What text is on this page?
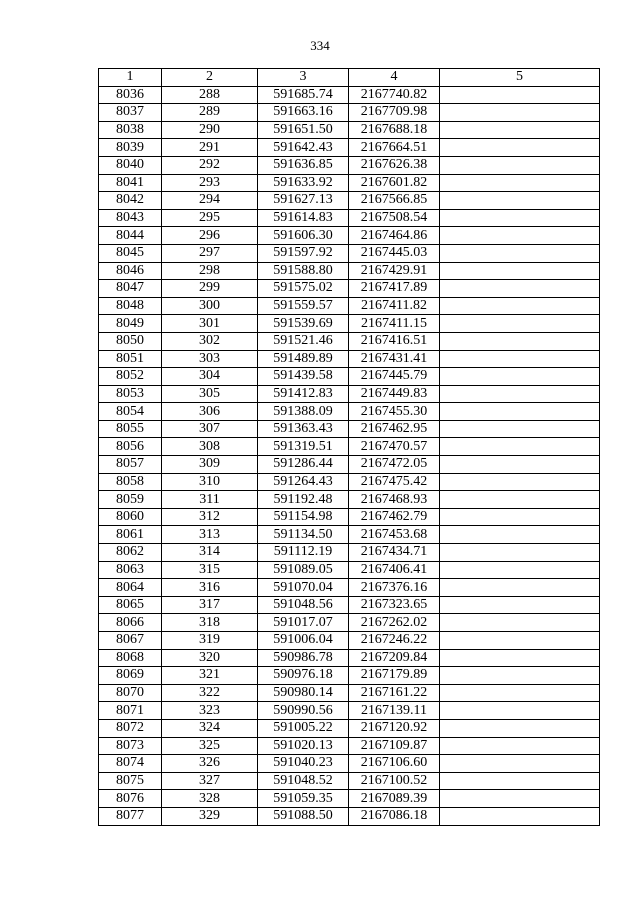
334
1	2	3	4	5
8036	288	591685.74	2167740.82	
8037	289	591663.16	2167709.98	
8038	290	591651.50	2167688.18	
8039	291	591642.43	2167664.51	
8040	292	591636.85	2167626.38	
8041	293	591633.92	2167601.82	
8042	294	591627.13	2167566.85	
8043	295	591614.83	2167508.54	
8044	296	591606.30	2167464.86	
8045	297	591597.92	2167445.03	
8046	298	591588.80	2167429.91	
8047	299	591575.02	2167417.89	
8048	300	591559.57	2167411.82	
8049	301	591539.69	2167411.15	
8050	302	591521.46	2167416.51	
8051	303	591489.89	2167431.41	
8052	304	591439.58	2167445.79	
8053	305	591412.83	2167449.83	
8054	306	591388.09	2167455.30	
8055	307	591363.43	2167462.95	
8056	308	591319.51	2167470.57	
8057	309	591286.44	2167472.05	
8058	310	591264.43	2167475.42	
8059	311	591192.48	2167468.93	
8060	312	591154.98	2167462.79	
8061	313	591134.50	2167453.68	
8062	314	591112.19	2167434.71	
8063	315	591089.05	2167406.41	
8064	316	591070.04	2167376.16	
8065	317	591048.56	2167323.65	
8066	318	591017.07	2167262.02	
8067	319	591006.04	2167246.22	
8068	320	590986.78	2167209.84	
8069	321	590976.18	2167179.89	
8070	322	590980.14	2167161.22	
8071	323	590990.56	2167139.11	
8072	324	591005.22	2167120.92	
8073	325	591020.13	2167109.87	
8074	326	591040.23	2167106.60	
8075	327	591048.52	2167100.52	
8076	328	591059.35	2167089.39	
8077	329	591088.50	2167086.18	
